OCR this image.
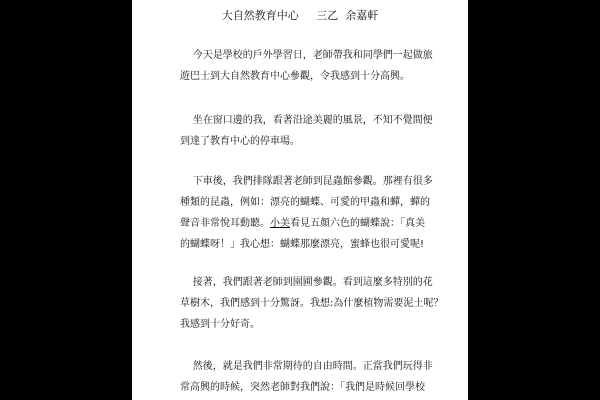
大自然教育中心     三乙  余嘉軒
今天是學校的戶外學習日，老師帶我和同學們一起做旅
遊巴士到大自然教育中心參觀，令我感到十分高興。
坐在窗口邊的我，看著沿途美麗的風景，不知不覺間便
到達了教育中心的停車場。
下車後，我們排隊跟著老師到昆蟲館參觀。那裡有很多
種類的昆蟲，例如：漂亮的蝴蝶、可愛的甲蟲和蟬，蟬的
聲音非常悅耳動聽。小美看見五顏六色的蝴蝶說：「真美
的蝴蝶呀！」我心想：蝴蝶那麼漂亮，蜜蜂也很可愛呢!
接著，我們跟著老師到園圃參觀。看到這麼多特別的花
草樹木，我們感到十分驚訝。我想:為什麼植物需要泥土呢？
我感到十分好奇。
然後，就是我們非常期待的自由時間。正當我們玩得非
常高興的時候，突然老師對我們說：「我們是時候回學校
